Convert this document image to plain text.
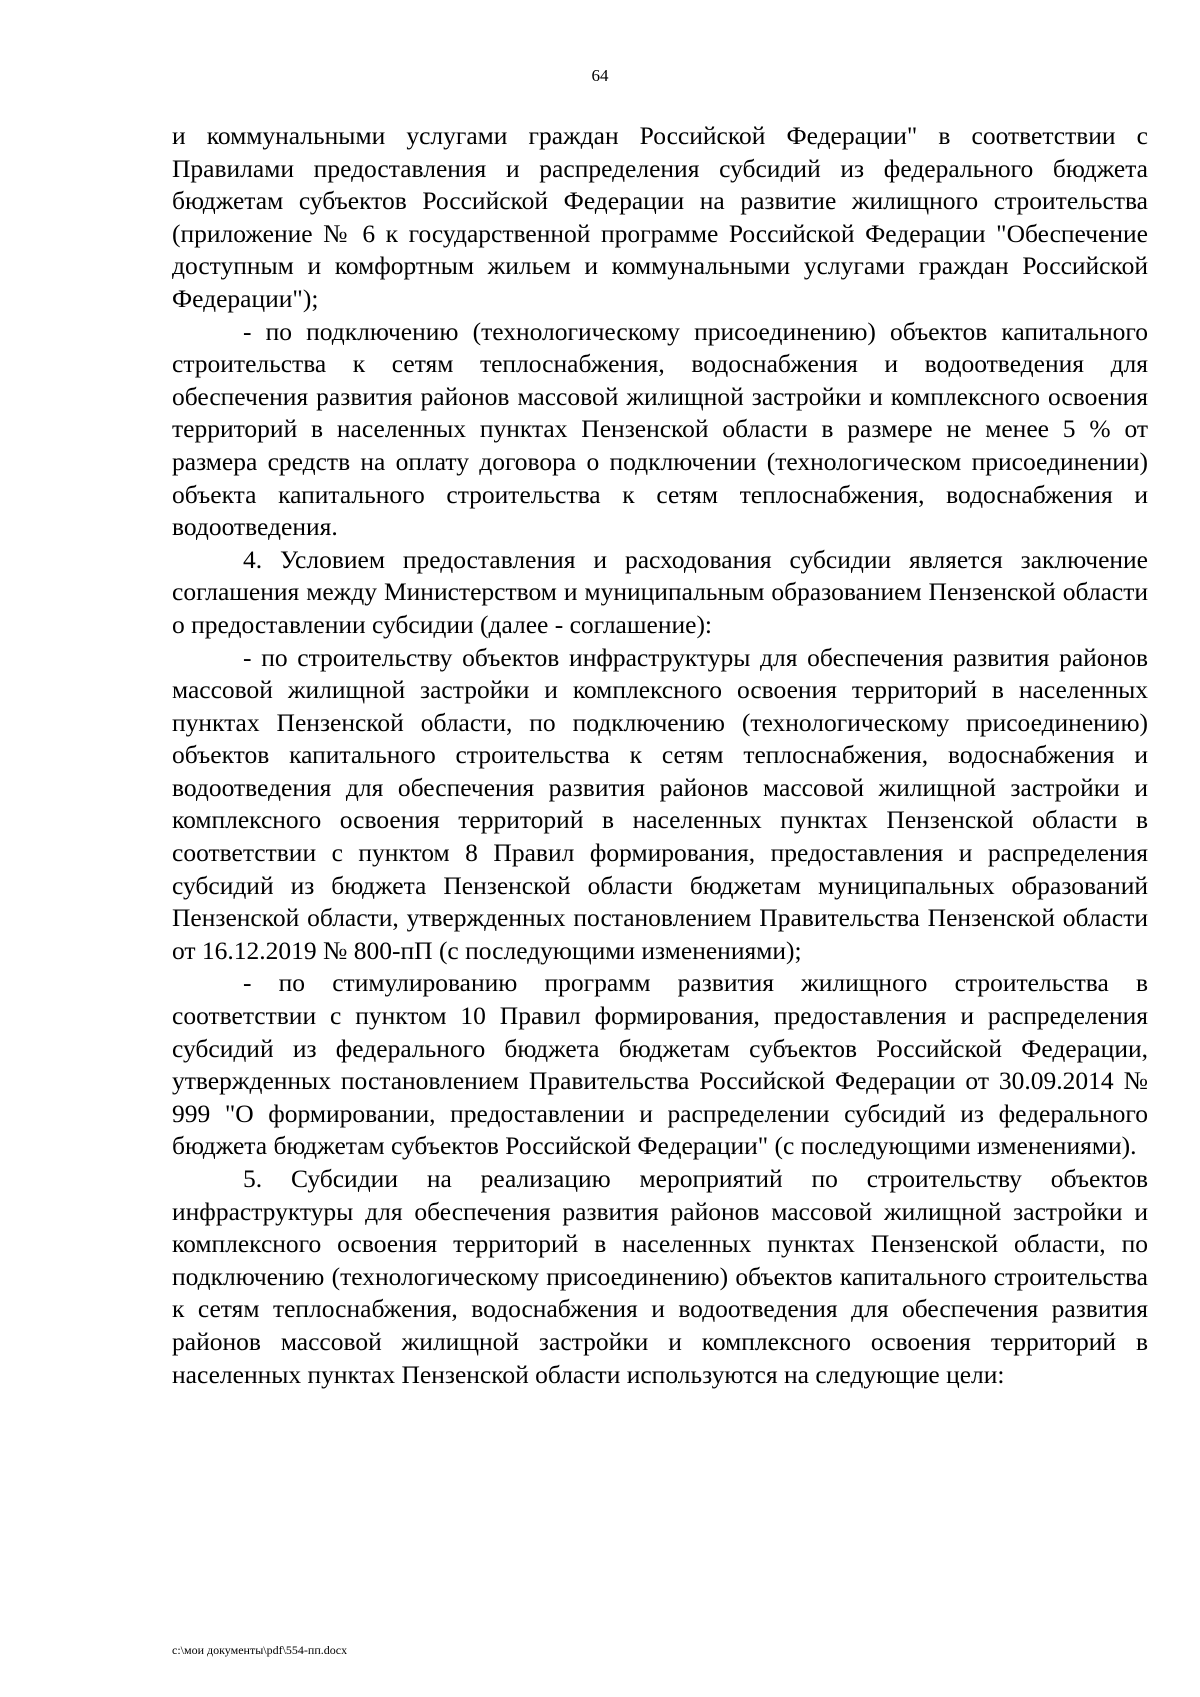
64

и коммунальными услугами граждан Российской Федерации" в соответствии с Правилами предоставления и распределения субсидий из федерального бюджета бюджетам субъектов Российской Федерации на развитие жилищного строительства (приложение № 6 к государственной программе Российской Федерации "Обеспечение доступным и комфортным жильем и коммунальными услугами граждан Российской Федерации");

- по подключению (технологическому присоединению) объектов капитального строительства к сетям теплоснабжения, водоснабжения и водоотведения для обеспечения развития районов массовой жилищной застройки и комплексного освоения территорий в населенных пунктах Пензенской области в размере не менее 5 % от размера средств на оплату договора о подключении (технологическом присоединении) объекта капитального строительства к сетям теплоснабжения, водоснабжения и водоотведения.

4. Условием предоставления и расходования субсидии является заключение соглашения между Министерством и муниципальным образованием Пензенской области о предоставлении субсидии (далее - соглашение):

- по строительству объектов инфраструктуры для обеспечения развития районов массовой жилищной застройки и комплексного освоения территорий в населенных пунктах Пензенской области, по подключению (технологическому присоединению) объектов капитального строительства к сетям теплоснабжения, водоснабжения и водоотведения для обеспечения развития районов массовой жилищной застройки и комплексного освоения территорий в населенных пунктах Пензенской области в соответствии с пунктом 8 Правил формирования, предоставления и распределения субсидий из бюджета Пензенской области бюджетам муниципальных образований Пензенской области, утвержденных постановлением Правительства Пензенской области от 16.12.2019 № 800-пП (с последующими изменениями);

- по стимулированию программ развития жилищного строительства в соответствии с пунктом 10 Правил формирования, предоставления и распределения субсидий из федерального бюджета бюджетам субъектов Российской Федерации, утвержденных постановлением Правительства Российской Федерации от 30.09.2014 № 999 "О формировании, предоставлении и распределении субсидий из федерального бюджета бюджетам субъектов Российской Федерации" (с последующими изменениями).

5. Субсидии на реализацию мероприятий по строительству объектов инфраструктуры для обеспечения развития районов массовой жилищной застройки и комплексного освоения территорий в населенных пунктах Пензенской области, по подключению (технологическому присоединению) объектов капитального строительства к сетям теплоснабжения, водоснабжения и водоотведения для обеспечения развития районов массовой жилищной застройки и комплексного освоения территорий в населенных пунктах Пензенской области используются на следующие цели:

c:\мои документы\pdf\554-пп.docx
